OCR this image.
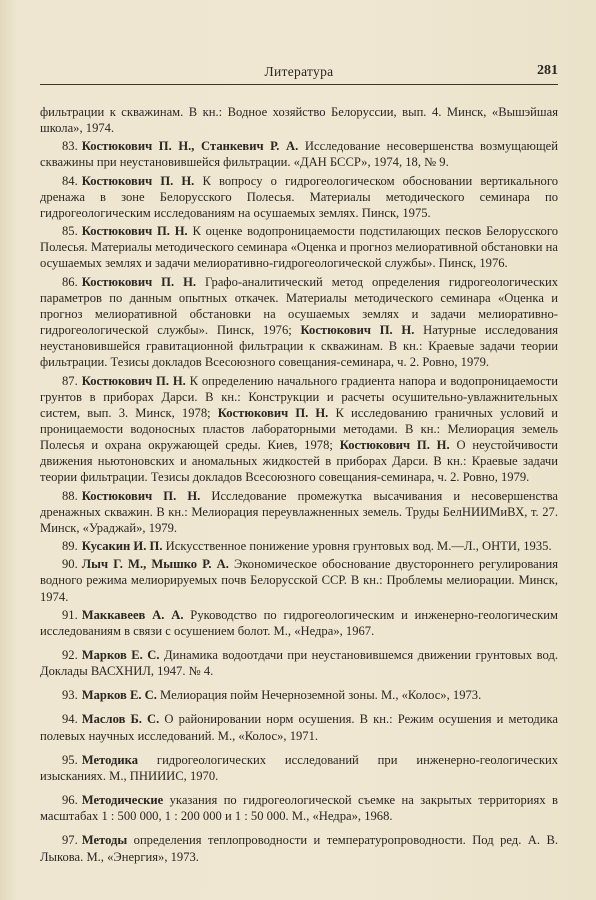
Литература	281

фильтрации к скважинам. В кн.: Водное хозяйство Белоруссии, вып. 4. Минск, «Вышэйшая школа», 1974.

83. Костюкович П. Н., Станкевич Р. А. Исследование несовершенства возмущающей скважины при неустановившейся фильтрации. «ДАН БССР», 1974, 18, № 9.

84. Костюкович П. Н. К вопросу о гидрогеологическом обосновании вертикального дренажа в зоне Белорусского Полесья. Материалы методического семинара по гидрогеологическим исследованиям на осушаемых землях. Пинск, 1975.

85. Костюкович П. Н. К оценке водопроницаемости подстилающих песков Белорусского Полесья. Материалы методического семинара «Оценка и прогноз мелиоративной обстановки на осушаемых землях и задачи мелиоративно-гидрогеологической службы». Пинск, 1976.

86. Костюкович П. Н. Графо-аналитический метод определения гидрогеологических параметров по данным опытных откачек. Материалы методического семинара «Оценка и прогноз мелиоративной обстановки на осушаемых землях и задачи мелиоративно-гидрогеологической службы». Пинск, 1976; Костюкович П. Н. Натурные исследования неустановившейся гравитационной фильтрации к скважинам. В кн.: Краевые задачи теории фильтрации. Тезисы докладов Всесоюзного совещания-семинара, ч. 2. Ровно, 1979.

87. Костюкович П. Н. К определению начального градиента напора и водопроницаемости грунтов в приборах Дарси. В кн.: Конструкции и расчеты осушительно-увлажнительных систем, вып. 3. Минск, 1978; Костюкович П. Н. К исследованию граничных условий и проницаемости водоносных пластов лабораторными методами. В кн.: Мелиорация земель Полесья и охрана окружающей среды. Киев, 1978; Костюкович П. Н. О неустойчивости движения ньютоновских и аномальных жидкостей в приборах Дарси. В кн.: Краевые задачи теории фильтрации. Тезисы докладов Всесоюзного совещания-семинара, ч. 2. Ровно, 1979.

88. Костюкович П. Н. Исследование промежутка высачивания и несовершенства дренажных скважин. В кн.: Мелиорация переувлажненных земель. Труды БелНИИМиВХ, т. 27. Минск, «Ураджай», 1979.

89. Кусакин И. П. Искусственное понижение уровня грунтовых вод. М.—Л., ОНТИ, 1935.

90. Лыч Г. М., Мышко Р. А. Экономическое обоснование двустороннего регулирования водного режима мелиорируемых почв Белорусской ССР. В кн.: Проблемы мелиорации. Минск, 1974.

91. Маккавеев А. А. Руководство по гидрогеологическим и инженерно-геологическим исследованиям в связи с осушением болот. М., «Недра», 1967.

92. Марков Е. С. Динамика водоотдачи при неустановившемся движении грунтовых вод. Доклады ВАСХНИЛ, 1947. № 4.

93. Марков Е. С. Мелиорация пойм Нечерноземной зоны. М., «Колос», 1973.

94. Маслов Б. С. О районировании норм осушения. В кн.: Режим осушения и методика полевых научных исследований. М., «Колос», 1971.

95. Методика гидрогеологических исследований при инженерно-геологических изысканиях. М., ПНИИИС, 1970.

96. Методические указания по гидрогеологической съемке на закрытых территориях в масштабах 1 : 500 000, 1 : 200 000 и 1 : 50 000. М., «Недра», 1968.

97. Методы определения теплопроводности и температуропроводности. Под ред. А. В. Лыкова. М., «Энергия», 1973.
